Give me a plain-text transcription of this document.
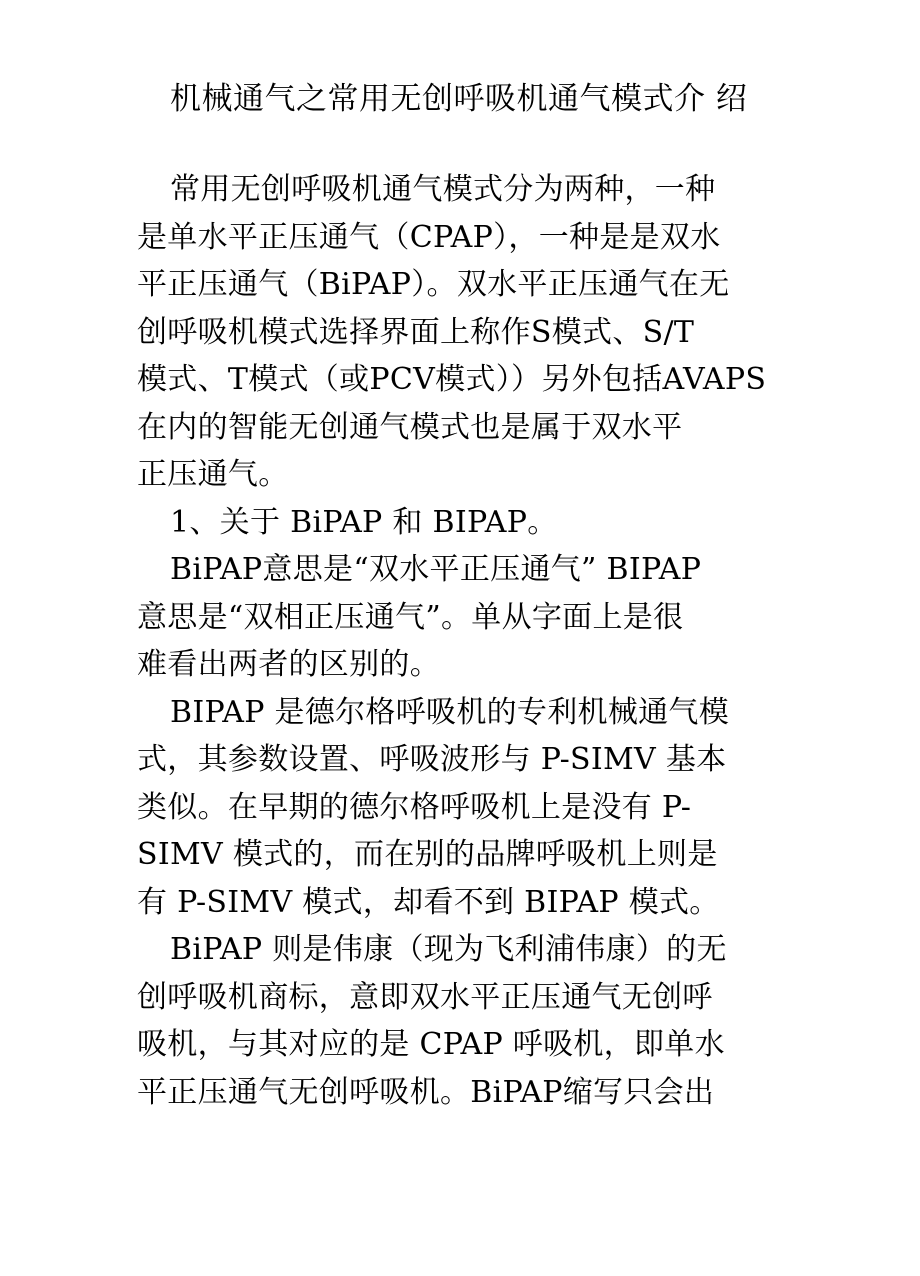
机械通气之常用无创呼吸机通气模式介 绍
常用无创呼吸机通气模式分为两种，一种
是单水平正压通气（CPAP），一种是是双水
平正压通气（BiPAP）。双水平正压通气在无
创呼吸机模式选择界面上称作S模式、S/T
模式、T模式（或PCV模式））另外包括AVAPS
在内的智能无创通气模式也是属于双水平
正压通气。
1、关于 BiPAP 和 BIPAP。
BiPAP意思是“双水平正压通气” BIPAP
意思是“双相正压通气”。单从字面上是很
难看出两者的区别的。
BIPAP 是德尔格呼吸机的专利机械通气模
式，其参数设置、呼吸波形与 P-SIMV 基本
类似。在早期的德尔格呼吸机上是没有 P-
SIMV 模式的，而在别的品牌呼吸机上则是
有 P-SIMV 模式，却看不到 BIPAP 模式。
BiPAP 则是伟康（现为飞利浦伟康）的无
创呼吸机商标，意即双水平正压通气无创呼
吸机，与其对应的是 CPAP 呼吸机，即单水
平正压通气无创呼吸机。BiPAP缩写只会出
